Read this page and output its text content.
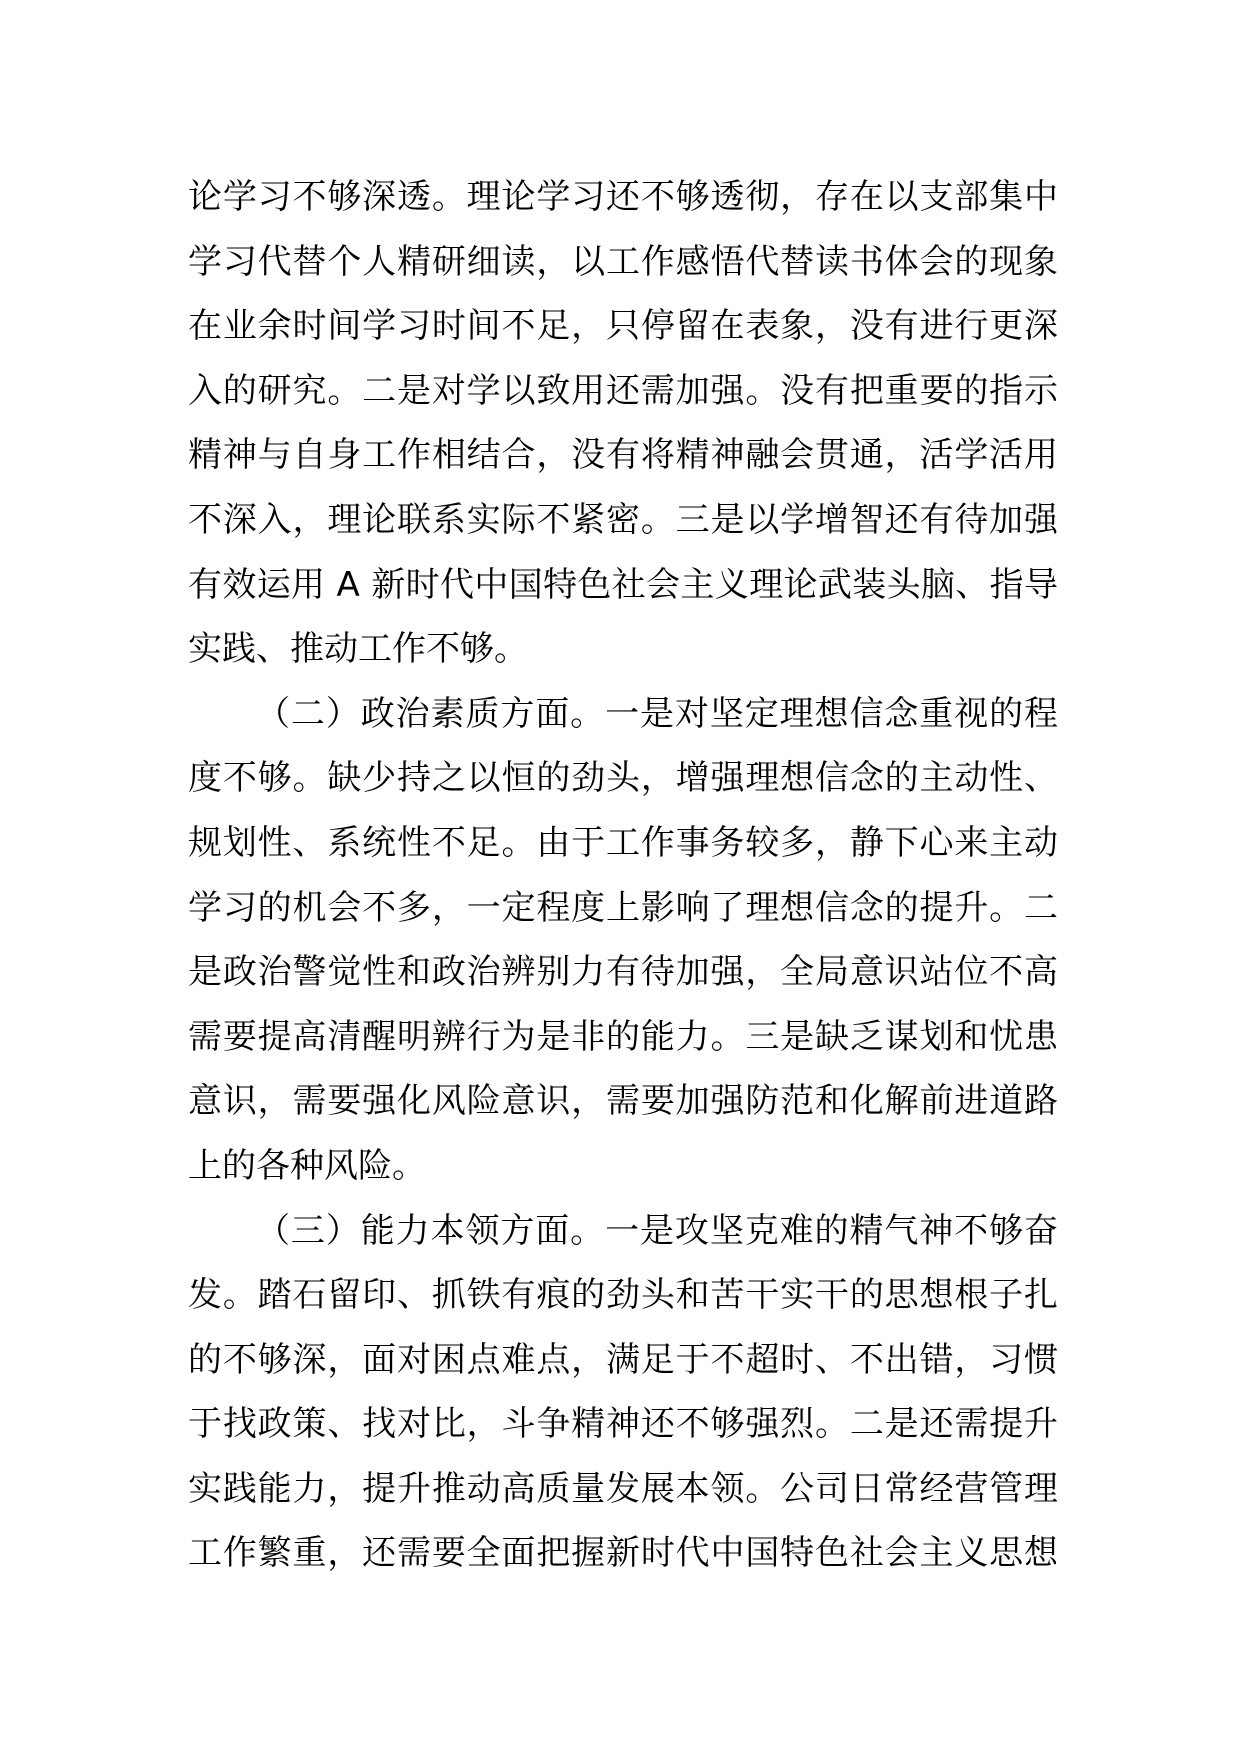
论学习不够深透。理论学习还不够透彻，存在以支部集中
学习代替个人精研细读，以工作感悟代替读书体会的现象
在业余时间学习时间不足，只停留在表象，没有进行更深
入的研究。二是对学以致用还需加强。没有把重要的指示
精神与自身工作相结合，没有将精神融会贯通，活学活用
不深入，理论联系实际不紧密。三是以学增智还有待加强
有效运用 A 新时代中国特色社会主义理论武装头脑、指导
实践、推动工作不够。
（二）政治素质方面。一是对坚定理想信念重视的程
度不够。缺少持之以恒的劲头，增强理想信念的主动性、
规划性、系统性不足。由于工作事务较多，静下心来主动
学习的机会不多，一定程度上影响了理想信念的提升。二
是政治警觉性和政治辨别力有待加强，全局意识站位不高
需要提高清醒明辨行为是非的能力。三是缺乏谋划和忧患
意识，需要强化风险意识，需要加强防范和化解前进道路
上的各种风险。
（三）能力本领方面。一是攻坚克难的精气神不够奋
发。踏石留印、抓铁有痕的劲头和苦干实干的思想根子扎
的不够深，面对困点难点，满足于不超时、不出错，习惯
于找政策、找对比，斗争精神还不够强烈。二是还需提升
实践能力，提升推动高质量发展本领。公司日常经营管理
工作繁重，还需要全面把握新时代中国特色社会主义思想
